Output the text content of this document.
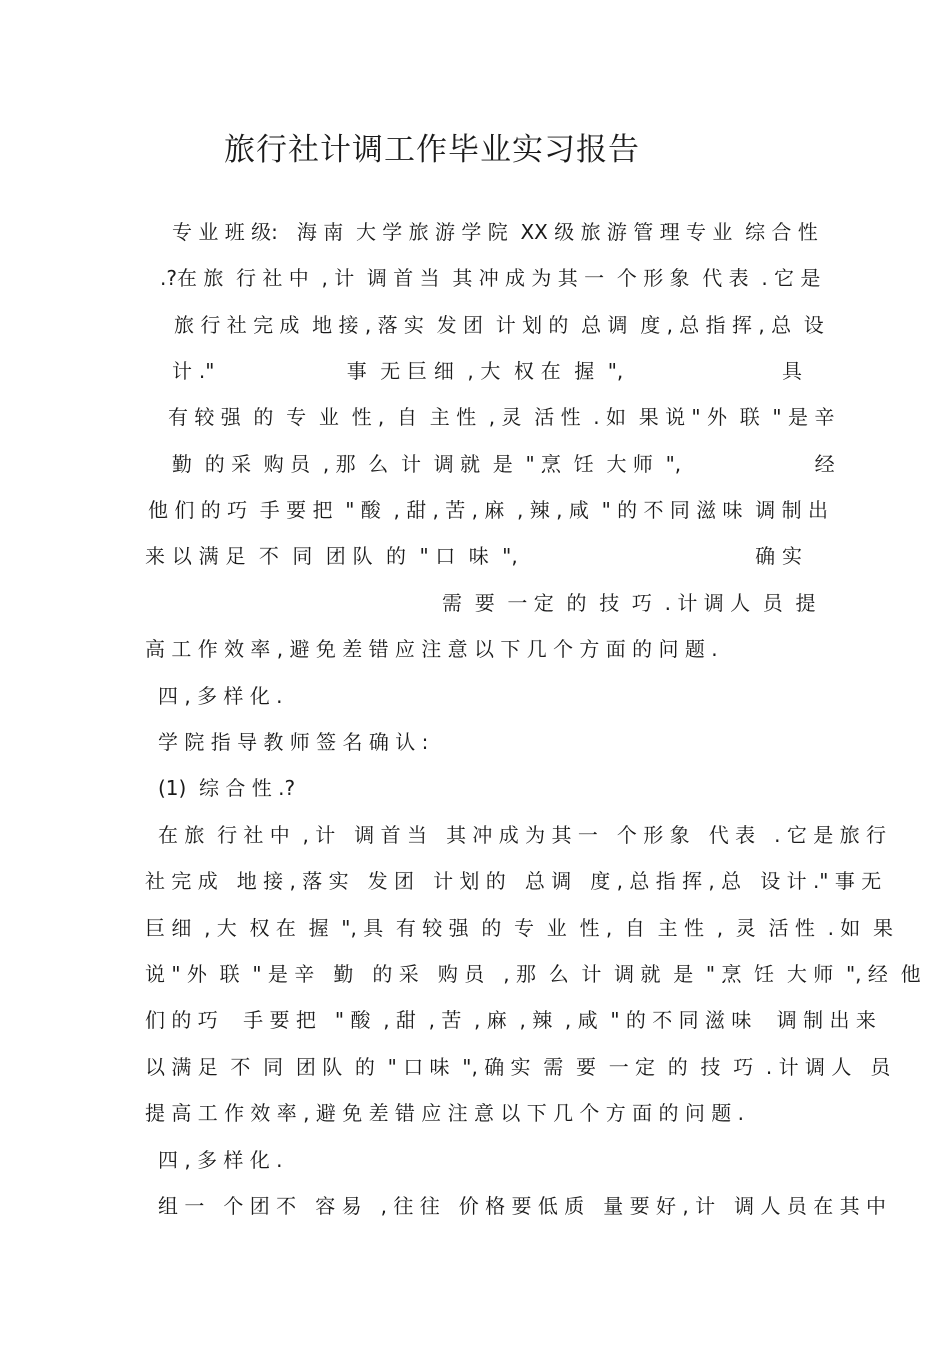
旅行社计调工作毕业实习报告
专 业 班 级:   海 南  大 学 旅 游 学 院  XX 级 旅 游 管 理 专 业  综 合 性
.?在 旅  行 社 中  , 计  调 首 当  其 冲 成 为 其 一  个 形 象  代 表  . 它 是
旅 行 社 完 成  地 接 , 落 实  发 团  计 划 的  总 调  度 , 总 指 挥 , 总  设
计 ."                    事  无 巨 细  , 大  权 在  握  ",                        具
有 较 强  的  专  业  性 ,  自  主 性  , 灵  活 性  . 如  果 说 " 外  联  " 是 辛
勤  的 采  购 员  , 那  么  计  调 就  是  " 烹  饪  大 师  ",                     经
他 们 的 巧  手 要 把  " 酸  , 甜 , 苦 , 麻  , 辣 , 咸  " 的 不 同 滋 味  调 制 出
来 以 满 足  不  同  团 队  的  " 口  味  ",                                    确 实
需  要  一 定  的  技  巧  . 计 调 人  员  提
高 工 作 效 率 , 避 免 差 错 应 注 意 以 下 几 个 方 面 的 问 题 .
四 , 多 样 化 .
学 院 指 导 教 师 签 名 确 认 :
(1)  综 合 性 .?
在 旅  行 社 中  , 计   调 首 当   其 冲 成 为 其 一   个 形 象   代 表   . 它 是 旅 行
社 完 成   地 接 , 落 实   发 团   计 划 的   总 调   度 , 总 指 挥 , 总   设 计 ." 事 无
巨 细  , 大  权 在  握  ", 具  有 较 强  的  专  业  性 ,  自  主 性  ,  灵  活 性  . 如  果
说 " 外  联  " 是 辛   勤   的 采   购 员   , 那  么  计  调 就  是  " 烹  饪  大 师  ", 经  他
们 的 巧    手 要 把   " 酸  , 甜  , 苦  , 麻  , 辣  , 咸  " 的 不 同 滋 味    调 制 出 来
以 满 足  不  同  团 队  的  " 口 味  ", 确 实  需  要  一 定  的  技  巧  . 计 调 人   员
提 高 工 作 效 率 , 避 免 差 错 应 注 意 以 下 几 个 方 面 的 问 题 .
四 , 多 样 化 .
组 一   个 团 不   容 易   , 往 往   价 格 要 低 质   量 要 好 , 计   调 人 员 在 其 中
